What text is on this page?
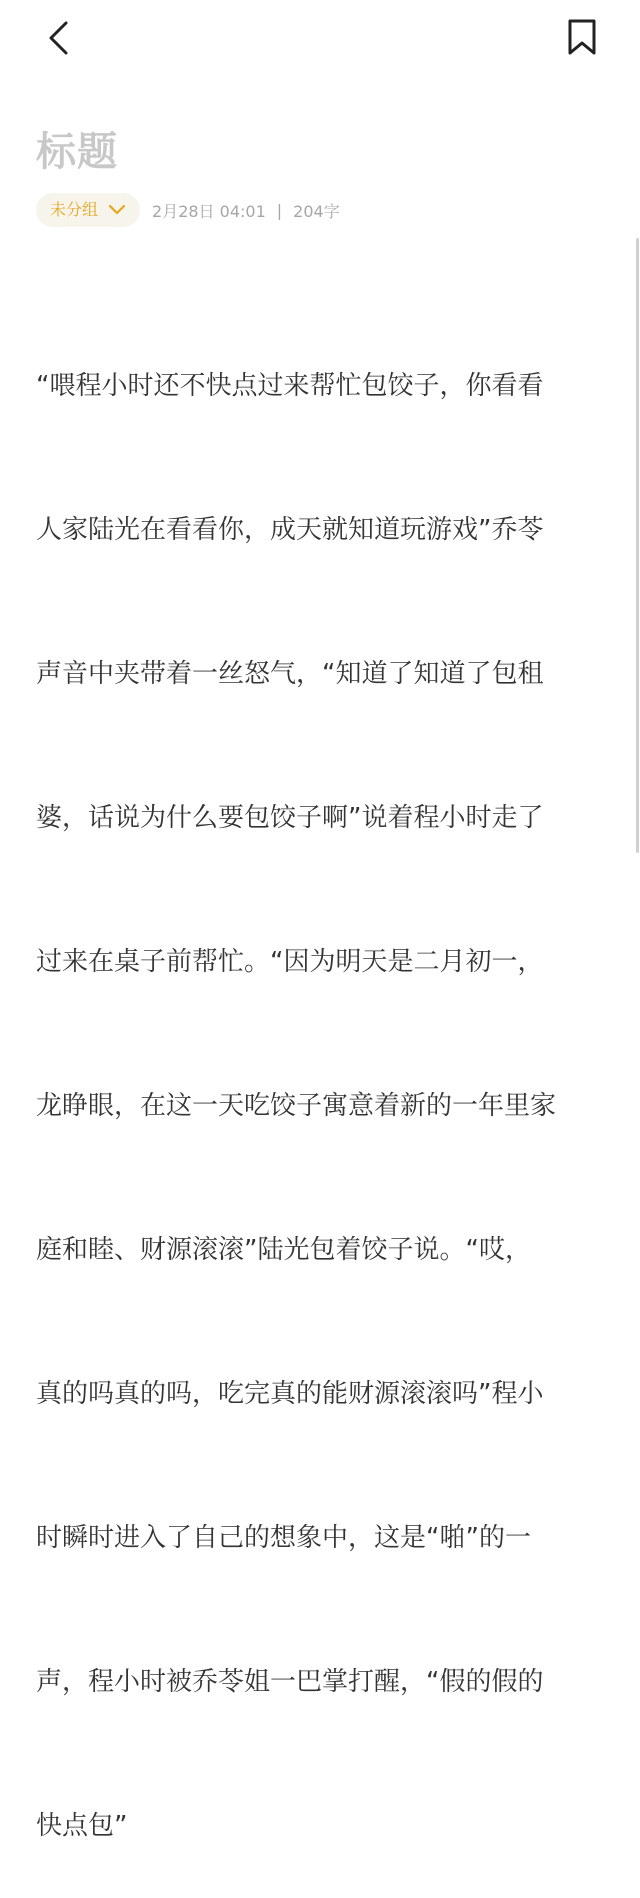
标题
未分组	2月28日 04:01 | 204字

“喂程小时还不快点过来帮忙包饺子，你看看

人家陆光在看看你，成天就知道玩游戏”乔苓

声音中夹带着一丝怒气，“知道了知道了包租

婆，话说为什么要包饺子啊”说着程小时走了

过来在桌子前帮忙。“因为明天是二月初一，

龙睁眼，在这一天吃饺子寓意着新的一年里家

庭和睦、财源滚滚”陆光包着饺子说。“哎，

真的吗真的吗，吃完真的能财源滚滚吗”程小

时瞬时进入了自己的想象中，这是“啪”的一

声，程小时被乔苓姐一巴掌打醒，“假的假的

快点包”
